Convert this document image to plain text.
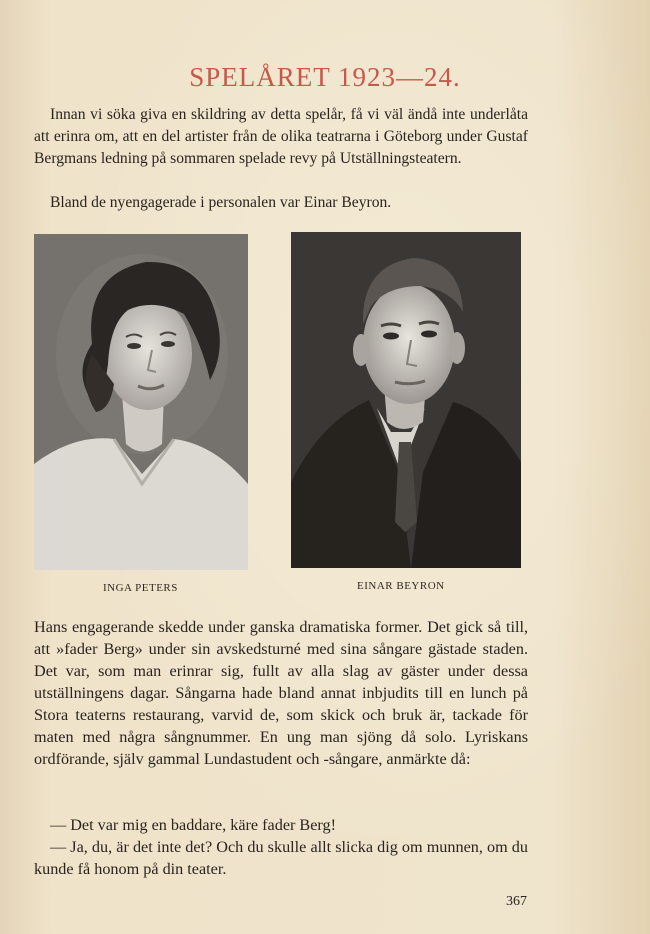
SPELÅRET 1923—24.

Innan vi söka giva en skildring av detta spelår, få vi väl ändå inte underlåta att erinra om, att en del artister från de olika teatrarna i Göteborg under Gustaf Bergmans ledning på sommaren spelade revy på Utställningsteatern.

Bland de nyengagerade i personalen var Einar Beyron.

INGA PETERS	EINAR BEYRON

Hans engagerande skedde under ganska dramatiska former. Det gick så till, att »fader Berg» under sin avskedsturné med sina sångare gästade staden. Det var, som man erinrar sig, fullt av alla slag av gäster under dessa utställningens dagar. Sångarna hade bland annat inbjudits till en lunch på Stora teaterns restaurang, varvid de, som skick och bruk är, tackade för maten med några sångnummer. En ung man sjöng då solo. Lyriskans ordförande, själv gammal Lundastudent och -sångare, anmärkte då:

— Det var mig en baddare, käre fader Berg!

— Ja, du, är det inte det? Och du skulle allt slicka dig om munnen, om du kunde få honom på din teater.

367
